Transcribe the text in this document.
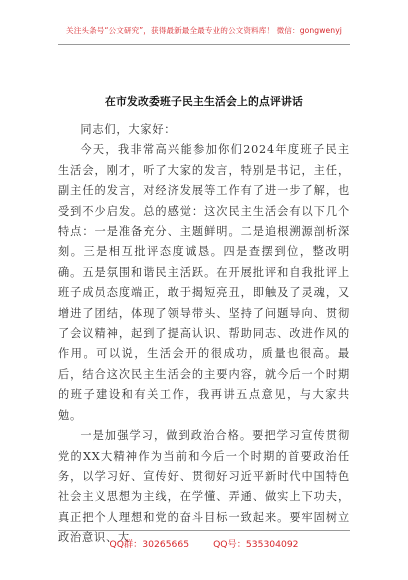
关注头条号“公文研究”，获得最新最全最专业的公文资料库！ 微信：gongwenyj
在市发改委班子民主生活会上的点评讲话

同志们，大家好：

今天，我非常高兴能参加你们2024年度班子民主生活会，刚才，听了大家的发言，特别是书记，主任，副主任的发言，对经济发展等工作有了进一步了解，也受到不少启发。总的感觉：这次民主生活会有以下几个特点：一是准备充分、主题鲜明。二是追根溯源剖析深刻。三是相互批评态度诚恳。四是查摆到位，整改明确。五是氛围和谐民主活跃。在开展批评和自我批评上班子成员态度端正，敢于揭短亮丑，即触及了灵魂，又增进了团结，体现了领导带头、坚持了问题导向、贯彻了会议精神，起到了提高认识、帮助同志、改进作风的作用。可以说，生活会开的很成功，质量也很高。最后，结合这次民主生活会的主要内容，就今后一个时期的班子建设和有关工作，我再讲五点意见，与大家共勉。

一是加强学习，做到政治合格。要把学习宣传贯彻党的XX大精神作为当前和今后一个时期的首要政治任务，以学习好、宣传好、贯彻好习近平新时代中国特色社会主义思想为主线，在学懂、弄通、做实上下功夫，真正把个人理想和党的奋斗目标一致起来。要牢固树立政治意识、大

QQ群：30265665	QQ号：535304092
